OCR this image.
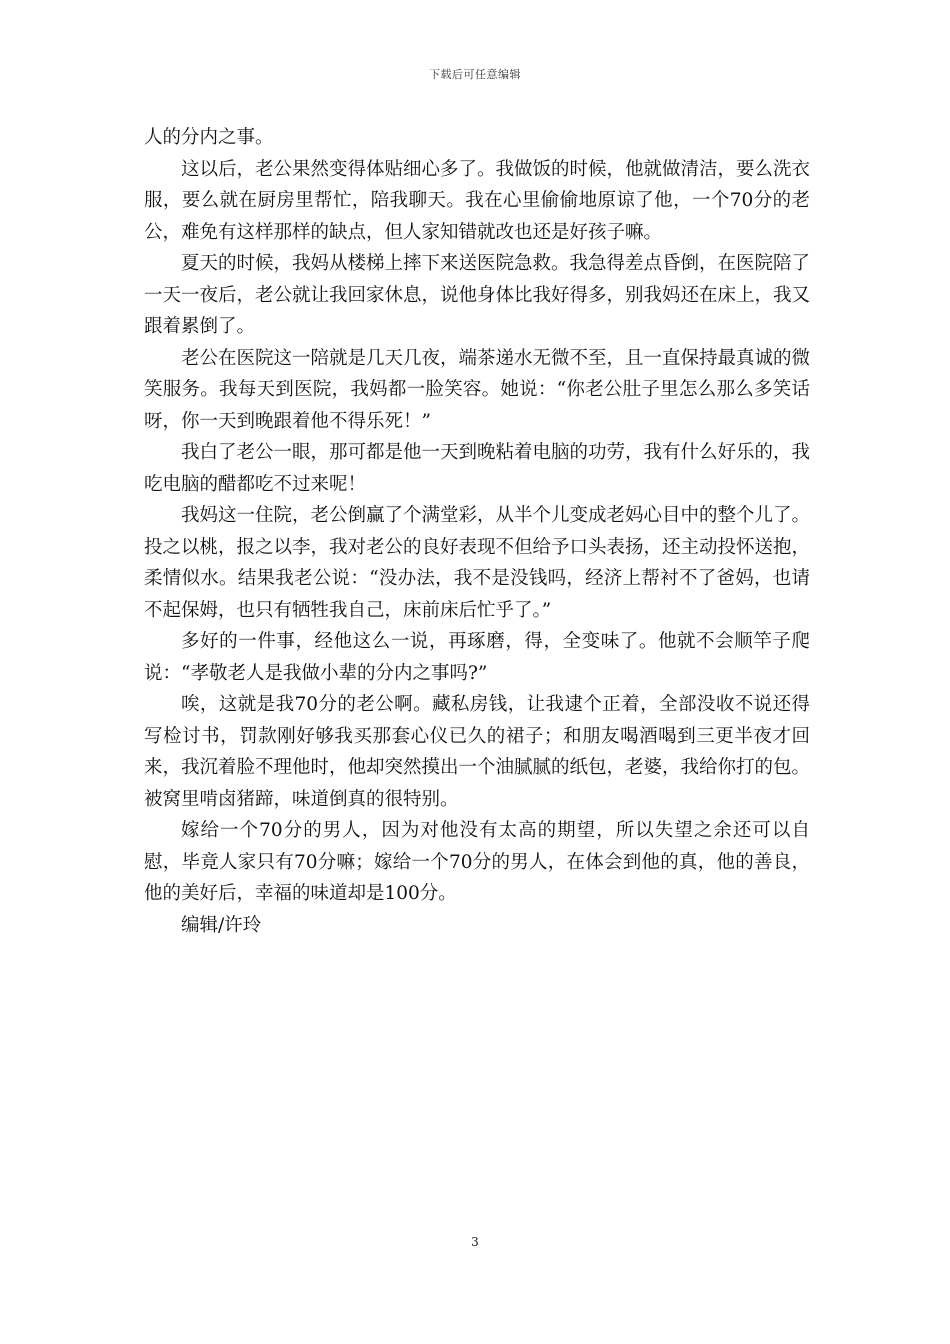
下载后可任意编辑

人的分内之事。

这以后，老公果然变得体贴细心多了。我做饭的时候，他就做清洁，要么洗衣服，要么就在厨房里帮忙，陪我聊天。我在心里偷偷地原谅了他，一个70分的老公，难免有这样那样的缺点，但人家知错就改也还是好孩子嘛。

夏天的时候，我妈从楼梯上摔下来送医院急救。我急得差点昏倒，在医院陪了一天一夜后，老公就让我回家休息，说他身体比我好得多，别我妈还在床上，我又跟着累倒了。

老公在医院这一陪就是几天几夜，端茶递水无微不至，且一直保持最真诚的微笑服务。我每天到医院，我妈都一脸笑容。她说：“你老公肚子里怎么那么多笑话呀，你一天到晚跟着他不得乐死！”

我白了老公一眼，那可都是他一天到晚粘着电脑的功劳，我有什么好乐的，我吃电脑的醋都吃不过来呢！

我妈这一住院，老公倒赢了个满堂彩，从半个儿变成老妈心目中的整个儿了。投之以桃，报之以李，我对老公的良好表现不但给予口头表扬，还主动投怀送抱，柔情似水。结果我老公说：“没办法，我不是没钱吗，经济上帮衬不了爸妈，也请不起保姆，也只有牺牲我自己，床前床后忙乎了。”

多好的一件事，经他这么一说，再琢磨，得，全变味了。他就不会顺竿子爬说：“孝敬老人是我做小辈的分内之事吗?”

唉，这就是我70分的老公啊。藏私房钱，让我逮个正着，全部没收不说还得写检讨书，罚款刚好够我买那套心仪已久的裙子；和朋友喝酒喝到三更半夜才回来，我沉着脸不理他时，他却突然摸出一个油腻腻的纸包，老婆，我给你打的包。被窝里啃卤猪蹄，味道倒真的很特别。

嫁给一个70分的男人，因为对他没有太高的期望，所以失望之余还可以自慰，毕竟人家只有70分嘛；嫁给一个70分的男人，在体会到他的真，他的善良，他的美好后，幸福的味道却是100分。

编辑/许玲

3
